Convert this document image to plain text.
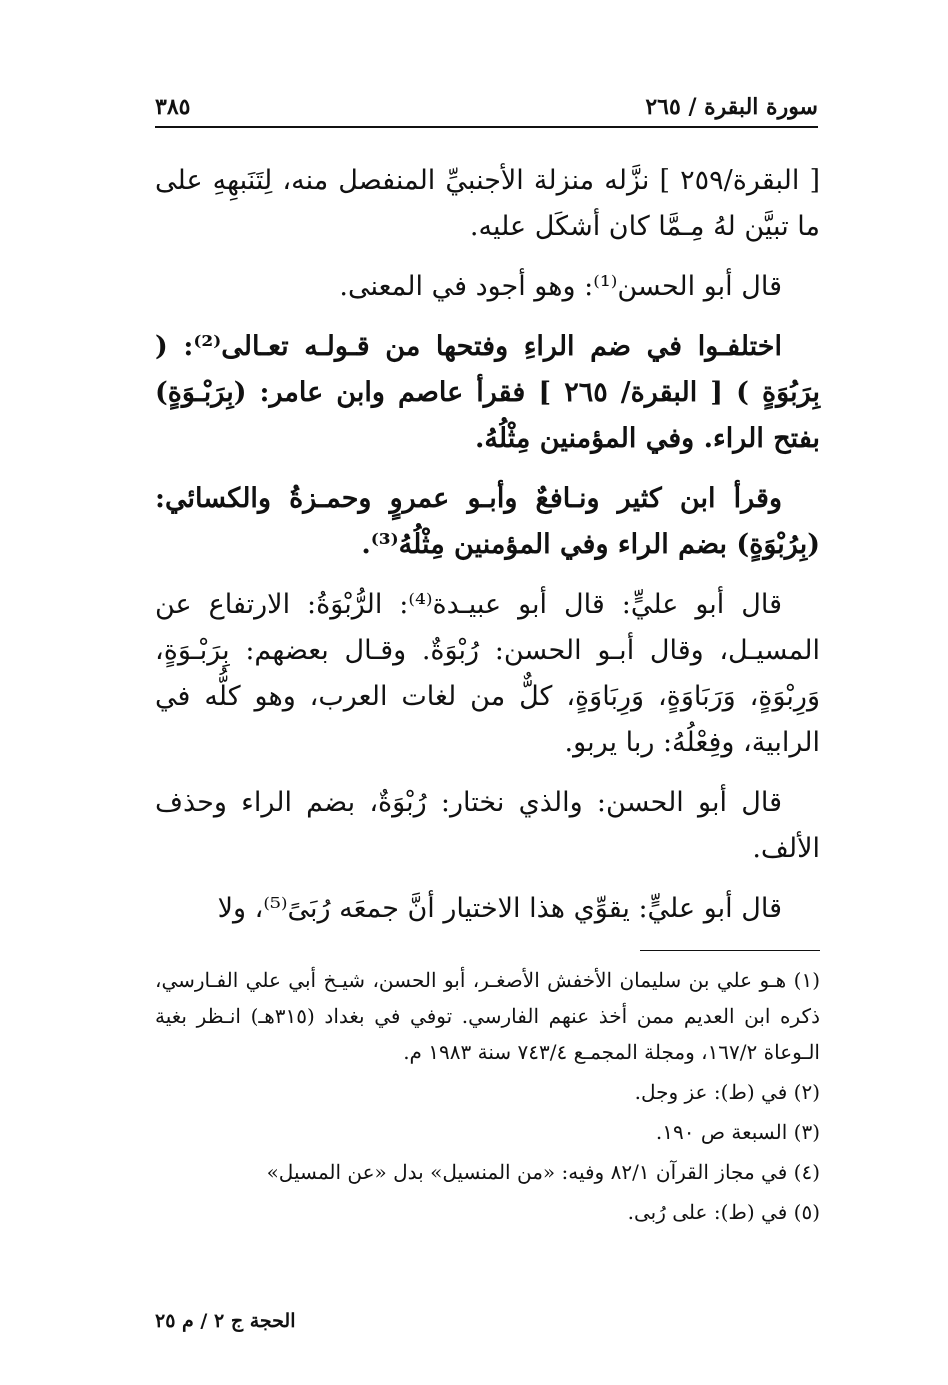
سورة البقرة / ٢٦٥
٣٨٥

[ البقرة/٢٥٩ ] نزَّله منزلة الأجنبيِّ المنفصل منه، لِتَنَبهِهِ على ما تبيَّن لهُ مِـمَّا كان أشكَل عليه.

قال أبو الحسن⁽¹⁾: وهو أجود في المعنى.

اختلفـوا في ضم الراءِ وفتحها من قـولـه تعـالى⁽²⁾: ( بِرَبُوَةٍ ) [ البقرة/ ٢٦٥ ] فقرأ عاصم وابن عامر: (بِرَبْـوَةٍ) بفتح الراء. وفي المؤمنين مِثْلُهُ.

وقرأ ابن كثير ونـافعٌ وأبـو عمروٍ وحمـزةُ والكسائي: (بِرُبْوَةٍ) بضم الراء وفي المؤمنين مِثْلُهُ⁽³⁾.

قال أبو عليٍّ: قال أبو عبيـدة⁽⁴⁾: الرُّبْوَةُ: الارتفاع عن المسيـل، وقال أبـو الحسن: رُبْوَةٌ. وقـال بعضهم: بِرَبْـوَةٍ، وَرِبْوَةٍ، وَرَبَاوَةٍ، وَرِبَاوَةٍ، كلٌّ من لغات العرب، وهو كلُّه في الرابية، وفِعْلُهُ: ربا يربو.

قال أبو الحسن: والذي نختار: رُبْوَةٌ، بضم الراء وحذف الألف.

قال أبو عليٍّ: يقوِّي هذا الاختيار أنَّ جمعَه رُبَىً⁽⁵⁾، ولا

(١) هـو علي بن سليمان الأخفش الأصغـر، أبو الحسن، شيـخ أبي علي الفـارسي، ذكره ابن العديم ممن أخذ عنهم الفارسي. توفي في بغداد (٣١٥هـ) انـظر بغية الـوعاة ١٦٧/٢، ومجلة المجمـع ٧٤٣/٤ سنة ١٩٨٣ م.

(٢) في (ط): عز وجل.

(٣) السبعة ص ١٩٠.

(٤) في مجاز القرآن ٨٢/١ وفيه: «من المنسيل» بدل «عن المسيل»

(٥) في (ط): على رُبى.

الحجة ج ٢ / م ٢٥
